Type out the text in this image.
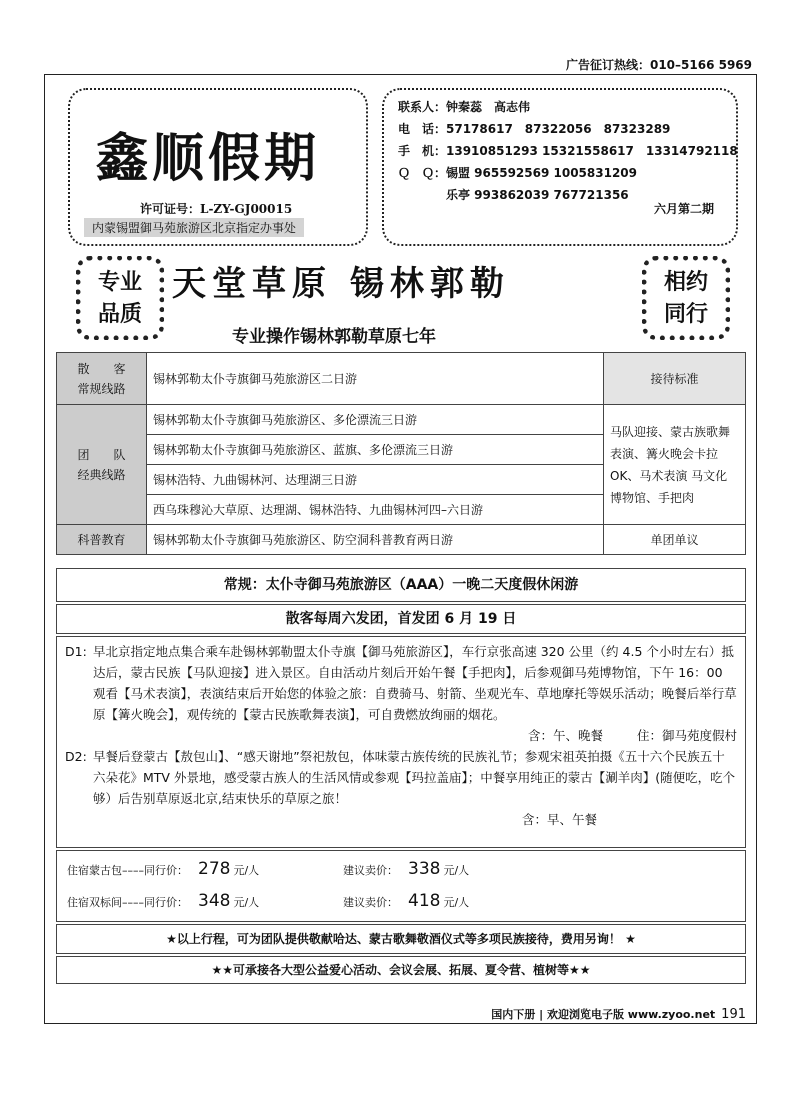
广告征订热线：010–5166 5969
鑫顺假期
许可证号：L-ZY-GJ00015
内蒙锡盟御马苑旅游区北京指定办事处
联系人：钟秦蕊　高志伟
电　话：57178617　87322056　87323289
手　机：13910851293 15321558617　13314792118
Ｑ　Ｑ：锡盟 965592569 1005831209
乐亭 993862039 767721356
六月第二期
专业
品质
天堂草原 锡林郭勒
专业操作锡林郭勒草原七年
相约
同行
散　　客
常规线路	锡林郭勒太仆寺旗御马苑旅游区二日游	接待标准

团　　队
经典线路	锡林郭勒太仆寺旗御马苑旅游区、多伦漂流三日游	马队迎接、蒙古族歌舞表演、篝火晚会卡拉 OK、马术表演 马文化博物馆、手把肉
	锡林郭勒太仆寺旗御马苑旅游区、蓝旗、多伦漂流三日游	
	锡林浩特、九曲锡林河、达理湖三日游	
	西乌珠穆沁大草原、达理湖、锡林浩特、九曲锡林河四–六日游	
科普教育	锡林郭勒太仆寺旗御马苑旅游区、防空洞科普教育两日游	单团单议
常规：太仆寺御马苑旅游区（AAA）一晚二天度假休闲游
散客每周六发团，首发团 6 月 19 日
D1: 早北京指定地点集合乘车赴锡林郭勒盟太仆寺旗【御马苑旅游区】，车行京张高速 320 公里（约 4.5 个小时左右）抵达后，蒙古民族【马队迎接】进入景区。自由活动片刻后开始午餐【手把肉】，后参观御马苑博物馆，下午 16：00 观看【马术表演】，表演结束后开始您的体验之旅：自费骑马、射箭、坐观光车、草地摩托等娱乐活动；晚餐后举行草原【篝火晚会】，观传统的【蒙古民族歌舞表演】，可自费燃放绚丽的烟花。
含：午、晚餐	住：御马苑度假村
D2: 早餐后登蒙古【敖包山】、“感天谢地”祭祀敖包，体味蒙古族传统的民族礼节；参观宋祖英拍摄《五十六个民族五十六朵花》MTV 外景地，感受蒙古族人的生活风情或参观【玛拉盖庙】；中餐享用纯正的蒙古【涮羊肉】(随便吃，吃个够）后告别草原返北京,结束快乐的草原之旅！
含：早、午餐
住宿蒙古包––––同行价： 278 元/人	建议卖价： 338 元/人
住宿双标间––––同行价： 348 元/人	建议卖价： 418 元/人
★以上行程，可为团队提供敬献哈达、蒙古歌舞敬酒仪式等多项民族接待，费用另询！ ★
★★可承接各大型公益爱心活动、会议会展、拓展、夏令营、植树等★★
国内下册 | 欢迎浏览电子版 www.zyoo.net 191
